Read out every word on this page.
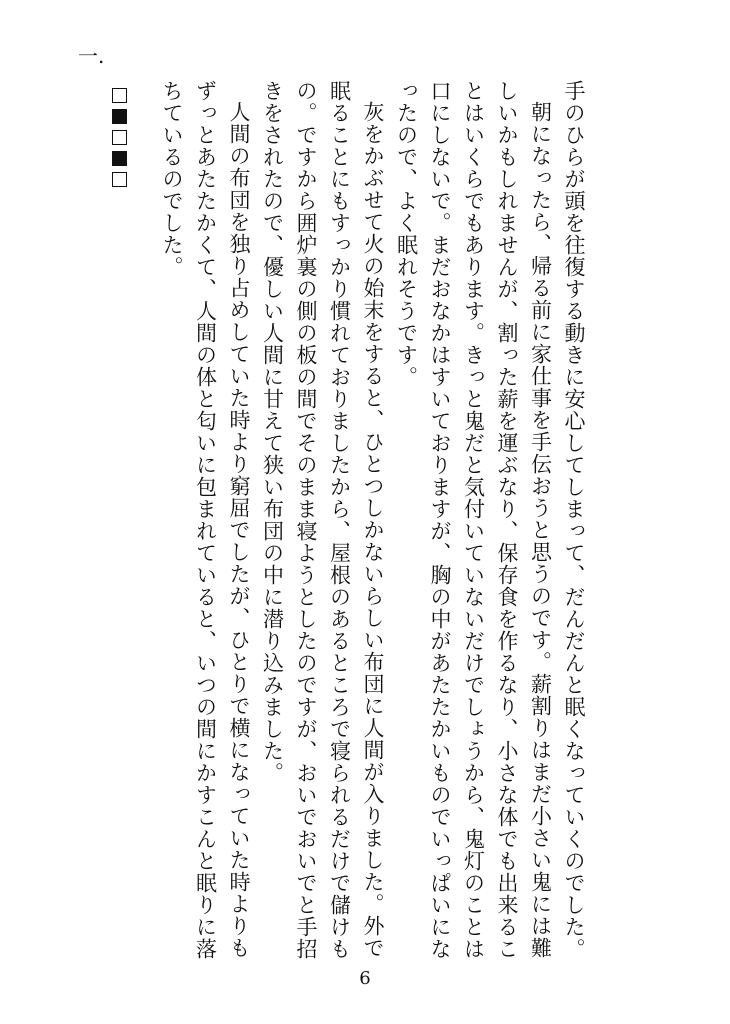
一.

手のひらが頭を往復する動きに安心してしまって、だんだんと眠くなっていくのでした。

朝になったら、帰る前に家仕事を手伝おうと思うのです。薪割りはまだ小さい鬼には難しいかもしれませんが、割った薪を運ぶなり、保存食を作るなり、小さな体でも出来ることはいくらでもあります。きっと鬼だと気付いていないだけでしょうから、鬼灯のことは口にしないで。まだおなかはすいておりますが、胸の中があたたかいものでいっぱいになったので、よく眠れそうです。

灰をかぶせて火の始末をすると、ひとつしかないらしい布団に人間が入りました。外で眠ることにもすっかり慣れておりましたから、屋根のあるところで寝られるだけで儲けもの。ですから囲炉裏の側の板の間でそのまま寝ようとしたのですが、おいでおいでと手招きをされたので、優しい人間に甘えて狭い布団の中に潜り込みました。

人間の布団を独り占めしていた時より窮屈でしたが、ひとりで横になっていた時よりもずっとあたたかくて、人間の体と匂いに包まれていると、いつの間にかすこんと眠りに落ちているのでした。

6
